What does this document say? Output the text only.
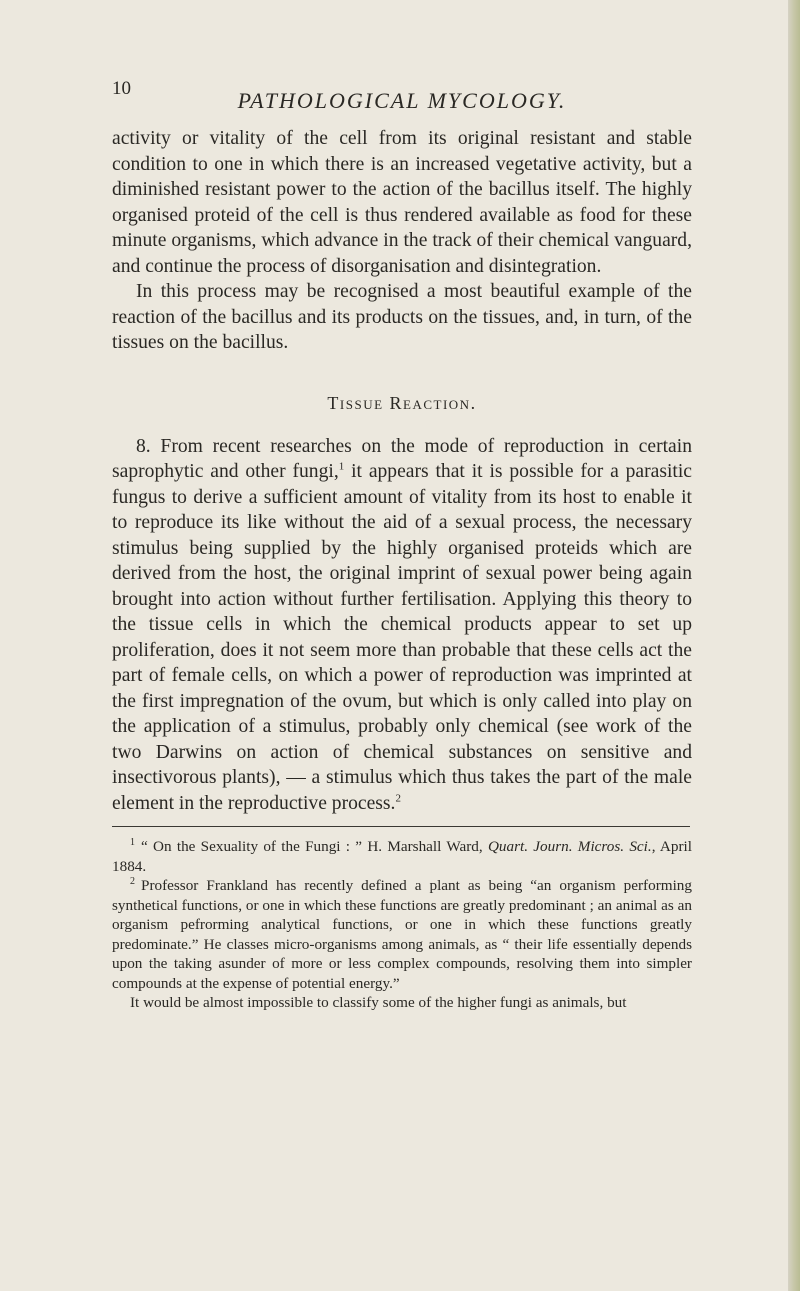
10	PATHOLOGICAL MYCOLOGY.

activity or vitality of the cell from its original resistant and stable condition to one in which there is an increased vegetative activity, but a diminished resistant power to the action of the bacillus itself. The highly organised proteid of the cell is thus rendered available as food for these minute organisms, which advance in the track of their chemical vanguard, and continue the process of disorganisation and disintegration.

In this process may be recognised a most beautiful example of the reaction of the bacillus and its products on the tissues, and, in turn, of the tissues on the bacillus.

Tissue Reaction.

8. From recent researches on the mode of reproduction in certain saprophytic and other fungi,$^1$ it appears that it is possible for a parasitic fungus to derive a sufficient amount of vitality from its host to enable it to reproduce its like without the aid of a sexual process, the necessary stimulus being supplied by the highly organised proteids which are derived from the host, the original imprint of sexual power being again brought into action without further fertilisation. Applying this theory to the tissue cells in which the chemical products appear to set up proliferation, does it not seem more than probable that these cells act the part of female cells, on which a power of reproduction was imprinted at the first impregnation of the ovum, but which is only called into play on the application of a stimulus, probably only chemical (see work of the two Darwins on action of chemical substances on sensitive and insectivorous plants), — a stimulus which thus takes the part of the male element in the reproductive process.$^2$

$^1$ “ On the Sexuality of the Fungi : ” H. Marshall Ward, Quart. Journ. Micros. Sci., April 1884.

$^2$ Professor Frankland has recently defined a plant as being “an organism performing synthetical functions, or one in which these functions are greatly predominant ; an animal as an organism pefrorming analytical functions, or one in which these functions greatly predominate.” He classes micro-organisms among animals, as “ their life essentially depends upon the taking asunder of more or less complex compounds, resolving them into simpler compounds at the expense of potential energy.”

It would be almost impossible to classify some of the higher fungi as animals, but
